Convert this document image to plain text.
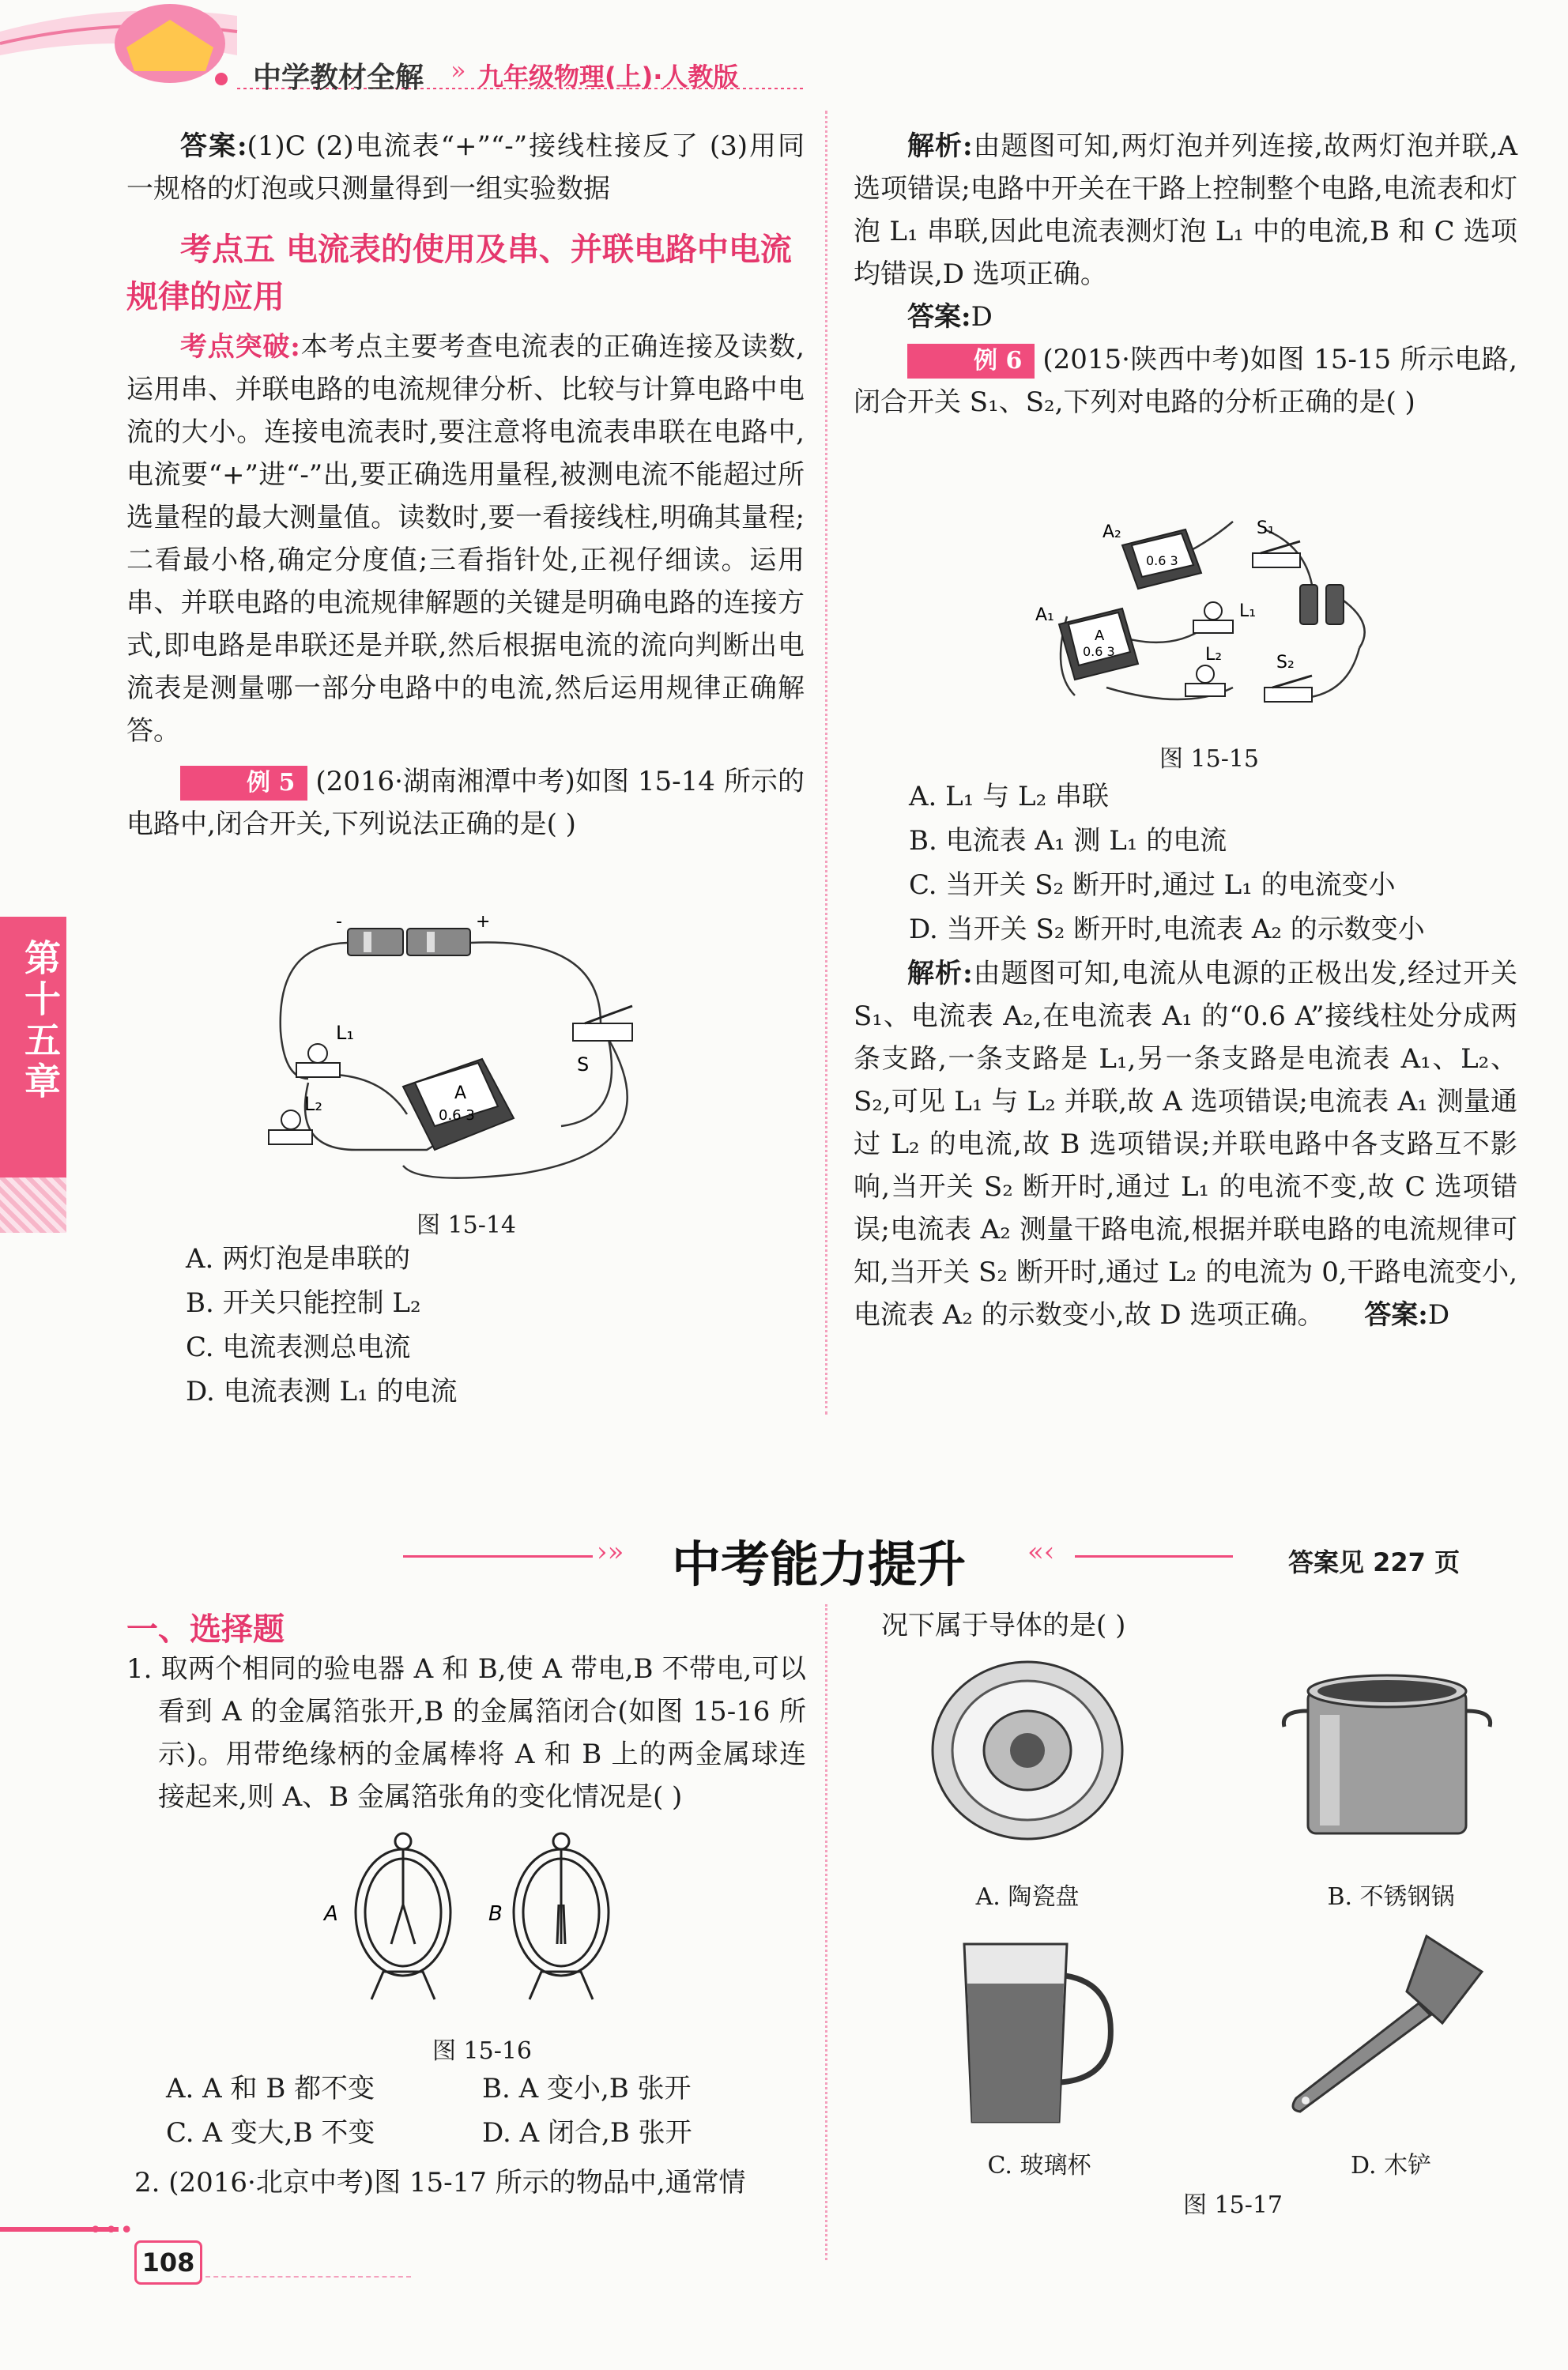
中学教材全解 » 九年级物理(上)·人教版
第十五章

答案:(1)C (2)电流表“+”“-”接线柱接反了 (3)用同一规格的灯泡或只测量得到一组实验数据

考点五 电流表的使用及串、并联电路中电流规律的应用

考点突破:本考点主要考查电流表的正确连接及读数,运用串、并联电路的电流规律分析、比较与计算电路中电流的大小。连接电流表时,要注意将电流表串联在电路中,电流要“+”进“-”出,要正确选用量程,被测电流不能超过所选量程的最大测量值。读数时,要一看接线柱,明确其量程;二看最小格,确定分度值;三看指针处,正视仔细读。运用串、并联电路的电流规律解题的关键是明确电路的连接方式,即电路是串联还是并联,然后根据电流的流向判断出电流表是测量哪一部分电路中的电流,然后运用规律正确解答。

例 5 (2016·湖南湘潭中考)如图 15-14 所示的电路中,闭合开关,下列说法正确的是( )

-	+
L₁
L₂
S
A
0.6 3
图 15-14
A. 两灯泡是串联的
B. 开关只能控制 L₂
C. 电流表测总电流
D. 电流表测 L₁ 的电流

解析:由题图可知,两灯泡并列连接,故两灯泡并联,A 选项错误;电路中开关在干路上控制整个电路,电流表和灯泡 L₁ 串联,因此电流表测灯泡 L₁ 中的电流,B 和 C 选项均错误,D 选项正确。

答案:D

例 6 (2015·陕西中考)如图 15-15 所示电路,闭合开关 S₁、S₂,下列对电路的分析正确的是( )

0.6 3
A₂
A
0.6 3
A₁
S₁
L₁
L₂	S₂
图 15-15
A. L₁ 与 L₂ 串联
B. 电流表 A₁ 测 L₁ 的电流
C. 当开关 S₂ 断开时,通过 L₁ 的电流变小
D. 当开关 S₂ 断开时,电流表 A₂ 的示数变小

解析:由题图可知,电流从电源的正极出发,经过开关 S₁、电流表 A₂,在电流表 A₁ 的“0.6 A”接线柱处分成两条支路,一条支路是 L₁,另一条支路是电流表 A₁、L₂、S₂,可见 L₁ 与 L₂ 并联,故 A 选项错误;电流表 A₁ 测量通过 L₂ 的电流,故 B 选项错误;并联电路中各支路互不影响,当开关 S₂ 断开时,通过 L₁ 的电流不变,故 C 选项错误;电流表 A₂ 测量干路电流,根据并联电路的电流规律可知,当开关 S₂ 断开时,通过 L₂ 的电流为 0,干路电流变小,电流表 A₂ 的示数变小,故 D 选项正确。 答案:D

›» 中考能力提升 «‹	答案见 227 页
一、选择题

1. 取两个相同的验电器 A 和 B,使 A 带电,B 不带电,可以看到 A 的金属箔张开,B 的金属箔闭合(如图 15-16 所示)。用带绝缘柄的金属棒将 A 和 B 上的两金属球连接起来,则 A、B 金属箔张角的变化情况是( )

A	B
图 15-16
A. A 和 B 都不变	B. A 变小,B 张开
C. A 变大,B 不变	D. A 闭合,B 张开
2. (2016·北京中考)图 15-17 所示的物品中,通常情
况下属于导体的是( )
A. 陶瓷盘	B. 不锈钢锅
C. 玻璃杯	D. 木铲
图 15-17
•••
108
